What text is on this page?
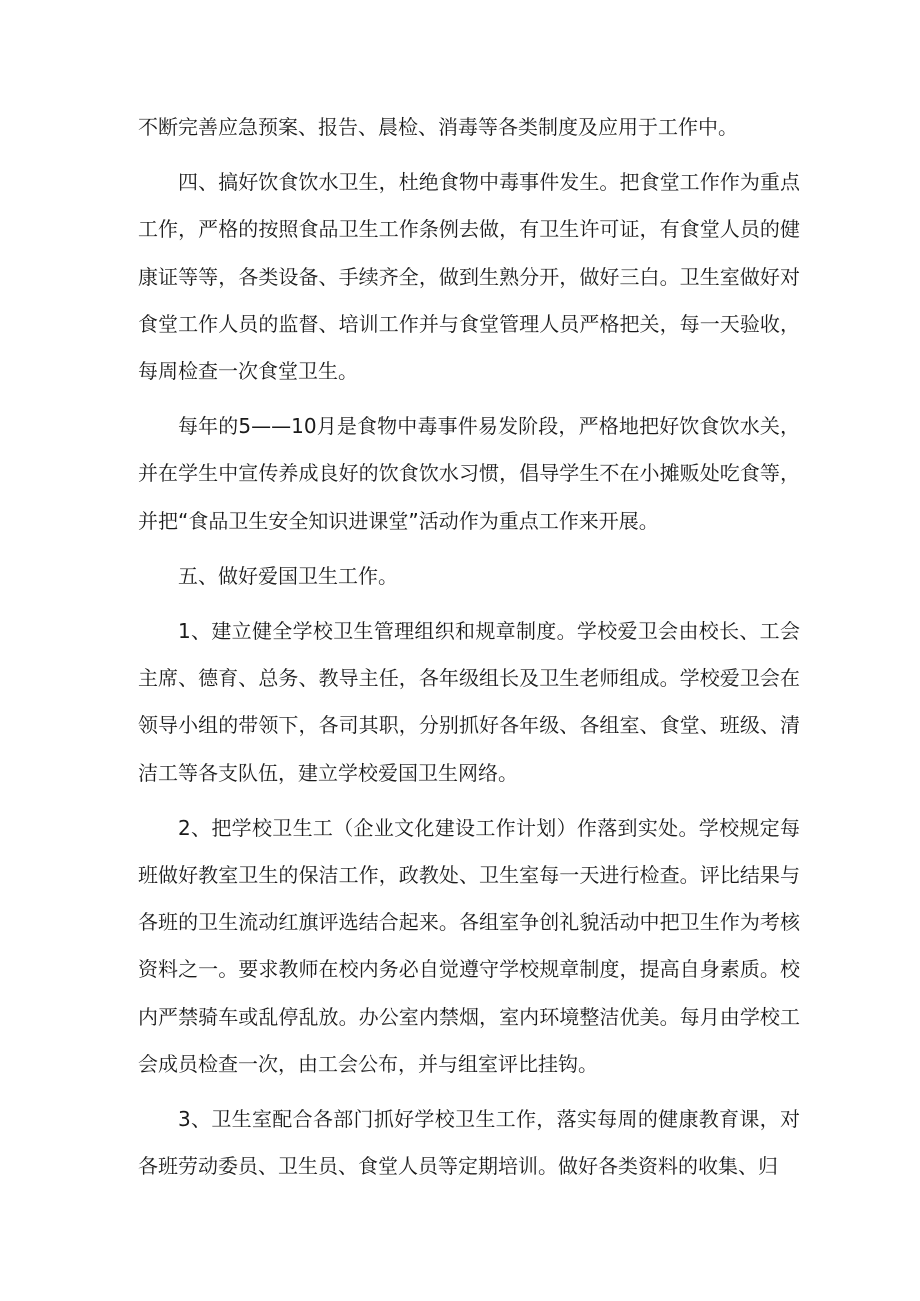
不断完善应急预案、报告、晨检、消毒等各类制度及应用于工作中。

四、搞好饮食饮水卫生，杜绝食物中毒事件发生。把食堂工作作为重点工作，严格的按照食品卫生工作条例去做，有卫生许可证，有食堂人员的健康证等等，各类设备、手续齐全，做到生熟分开，做好三白。卫生室做好对食堂工作人员的监督、培训工作并与食堂管理人员严格把关，每一天验收，每周检查一次食堂卫生。

每年的5——10月是食物中毒事件易发阶段，严格地把好饮食饮水关，并在学生中宣传养成良好的饮食饮水习惯，倡导学生不在小摊贩处吃食等，并把“食品卫生安全知识进课堂”活动作为重点工作来开展。

五、做好爱国卫生工作。

1、建立健全学校卫生管理组织和规章制度。学校爱卫会由校长、工会主席、德育、总务、教导主任，各年级组长及卫生老师组成。学校爱卫会在领导小组的带领下，各司其职，分别抓好各年级、各组室、食堂、班级、清洁工等各支队伍，建立学校爱国卫生网络。

2、把学校卫生工（企业文化建设工作计划）作落到实处。学校规定每班做好教室卫生的保洁工作，政教处、卫生室每一天进行检查。评比结果与各班的卫生流动红旗评选结合起来。各组室争创礼貌活动中把卫生作为考核资料之一。要求教师在校内务必自觉遵守学校规章制度，提高自身素质。校内严禁骑车或乱停乱放。办公室内禁烟，室内环境整洁优美。每月由学校工会成员检查一次，由工会公布，并与组室评比挂钩。

3、卫生室配合各部门抓好学校卫生工作，落实每周的健康教育课，对各班劳动委员、卫生员、食堂人员等定期培训。做好各类资料的收集、归
